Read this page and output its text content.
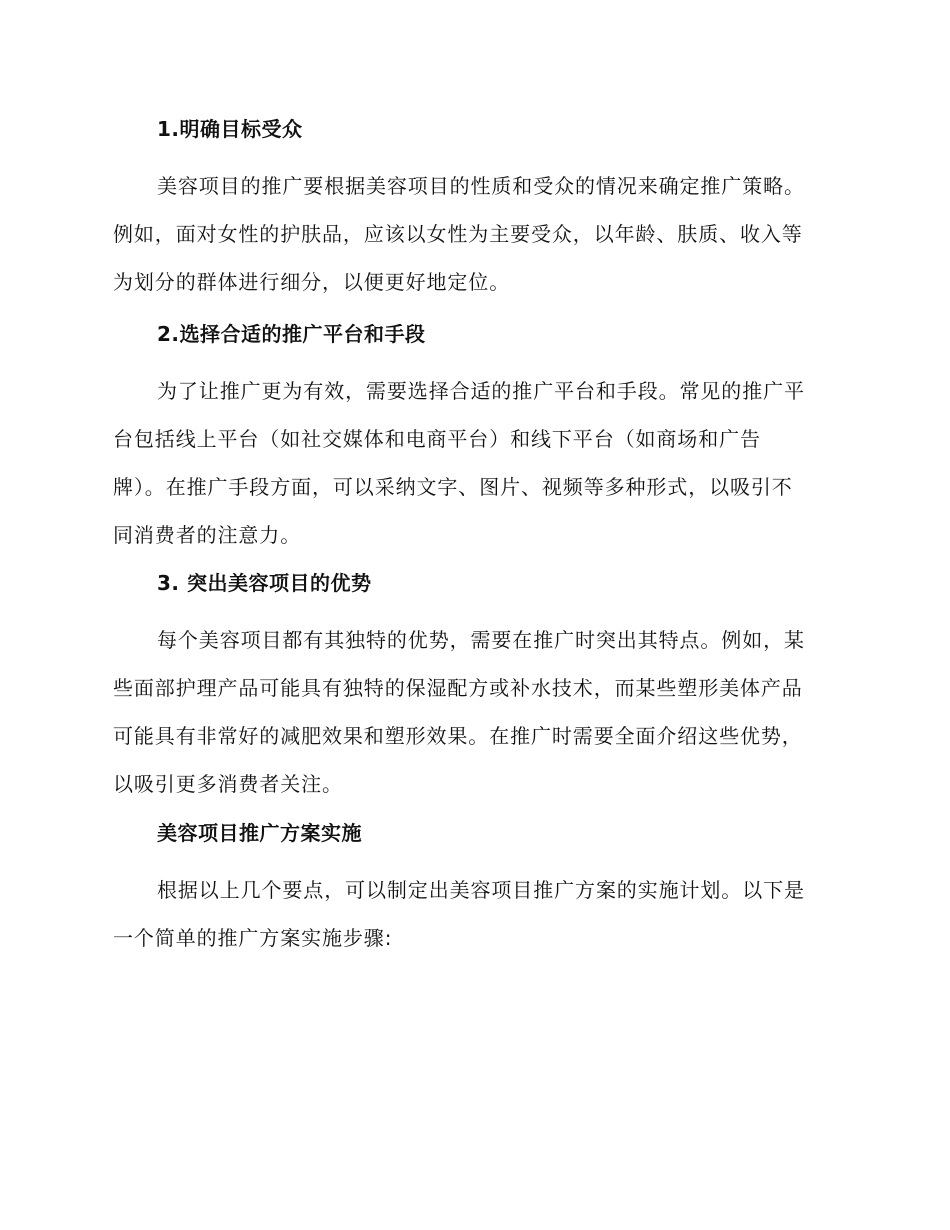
1.明确目标受众
美容项目的推广要根据美容项目的性质和受众的情况来确定推广策略。
例如，面对女性的护肤品，应该以女性为主要受众，以年龄、肤质、收入等
为划分的群体进行细分，以便更好地定位。
2.选择合适的推广平台和手段
为了让推广更为有效，需要选择合适的推广平台和手段。常见的推广平
台包括线上平台（如社交媒体和电商平台）和线下平台（如商场和广告
牌）。在推广手段方面，可以采纳文字、图片、视频等多种形式，以吸引不
同消费者的注意力。
3. 突出美容项目的优势
每个美容项目都有其独特的优势，需要在推广时突出其特点。例如，某
些面部护理产品可能具有独特的保湿配方或补水技术，而某些塑形美体产品
可能具有非常好的减肥效果和塑形效果。在推广时需要全面介绍这些优势，
以吸引更多消费者关注。
美容项目推广方案实施
根据以上几个要点，可以制定出美容项目推广方案的实施计划。以下是
一个简单的推广方案实施步骤:
